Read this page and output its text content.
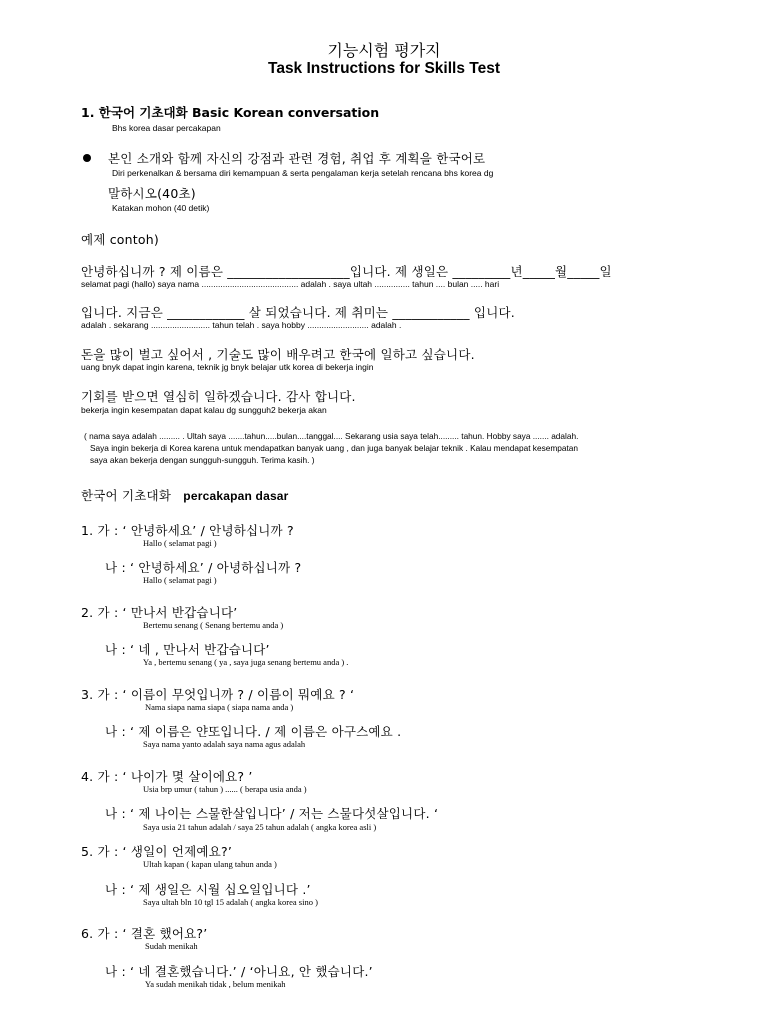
기능시험 평가지
Task Instructions for Skills Test
1. 한국어 기초대화 Basic Korean conversation
Bhs korea dasar percakapan
본인 소개와 함께 자신의 강점과 관련 경험, 취업 후 계획을 한국어로
Diri perkenalkan & bersama diri kemampuan & serta pengalaman kerja setelah rencana bhs korea dg
말하시오(40초)
Katakan mohon (40 detik)
예제 contoh)
안녕하십니까 ? 제 이름은 ___________________입니다. 제 생일은 _________년_____월_____일
selamat pagi (hallo) saya nama ......................................... adalah . saya ultah ............... tahun .... bulan ..... hari
입니다. 지금은 ____________ 살 되었습니다. 제 취미는 ____________ 입니다.
adalah . sekarang ......................... tahun telah . saya hobby .......................... adalah .
돈을 많이 벌고 싶어서 , 기술도 많이 배우려고 한국에 일하고 싶습니다.
uang bnyk dapat ingin karena, teknik jg bnyk belajar utk korea di bekerja ingin
기회를 받으면 열심히 일하겠습니다. 감사 합니다.
bekerja ingin kesempatan dapat kalau dg sungguh2 bekerja akan
( nama saya adalah ......... . Ultah saya .......tahun.....bulan....tanggal.... Sekarang usia saya telah......... tahun. Hobby saya ....... adalah.
Saya ingin bekerja di Korea karena untuk mendapatkan banyak uang , dan juga banyak belajar teknik . Kalau mendapat kesempatan
saya akan bekerja dengan sungguh-sungguh. Terima kasih. )
한국어 기초대화 percakapan dasar
1. 가 : ‘ 안녕하세요’ / 안녕하십니까 ?
Hallo ( selamat pagi )
나 : ‘ 안녕하세요’ / 아녕하십니까 ?
Hallo ( selamat pagi )
2. 가 : ‘ 만나서 반갑습니다’
Bertemu senang ( Senang bertemu anda )
나 : ‘ 네 , 만나서 반갑습니다’
Ya , bertemu senang ( ya , saya juga senang bertemu anda ) .
3. 가 : ‘ 이름이 무엇입니까 ? / 이름이 뭐예요 ? ‘
Nama siapa nama siapa ( siapa nama anda )
나 : ‘ 제 이름은 얀또입니다. / 제 이름은 아구스예요 .
Saya nama yanto adalah saya nama agus adalah
4. 가 : ‘ 나이가 몇 살이에요? ’
Usia brp umur ( tahun ) ...... ( berapa usia anda )
나 : ‘ 제 나이는 스물한살입니다’ / 저는 스물다섯살입니다. ‘
Saya usia 21 tahun adalah / saya 25 tahun adalah ( angka korea asli )
5. 가 : ‘ 생일이 언제예요?’
Ultah kapan ( kapan ulang tahun anda )
나 : ‘ 제 생일은 시월 십오일입니다 .’
Saya ultah bln 10 tgl 15 adalah ( angka korea sino )
6. 가 : ‘ 결혼 했어요?’
Sudah menikah
나 : ‘ 네 결혼했습니다.’ / ‘아니요, 안 했습니다.’
Ya sudah menikah tidak , belum menikah
